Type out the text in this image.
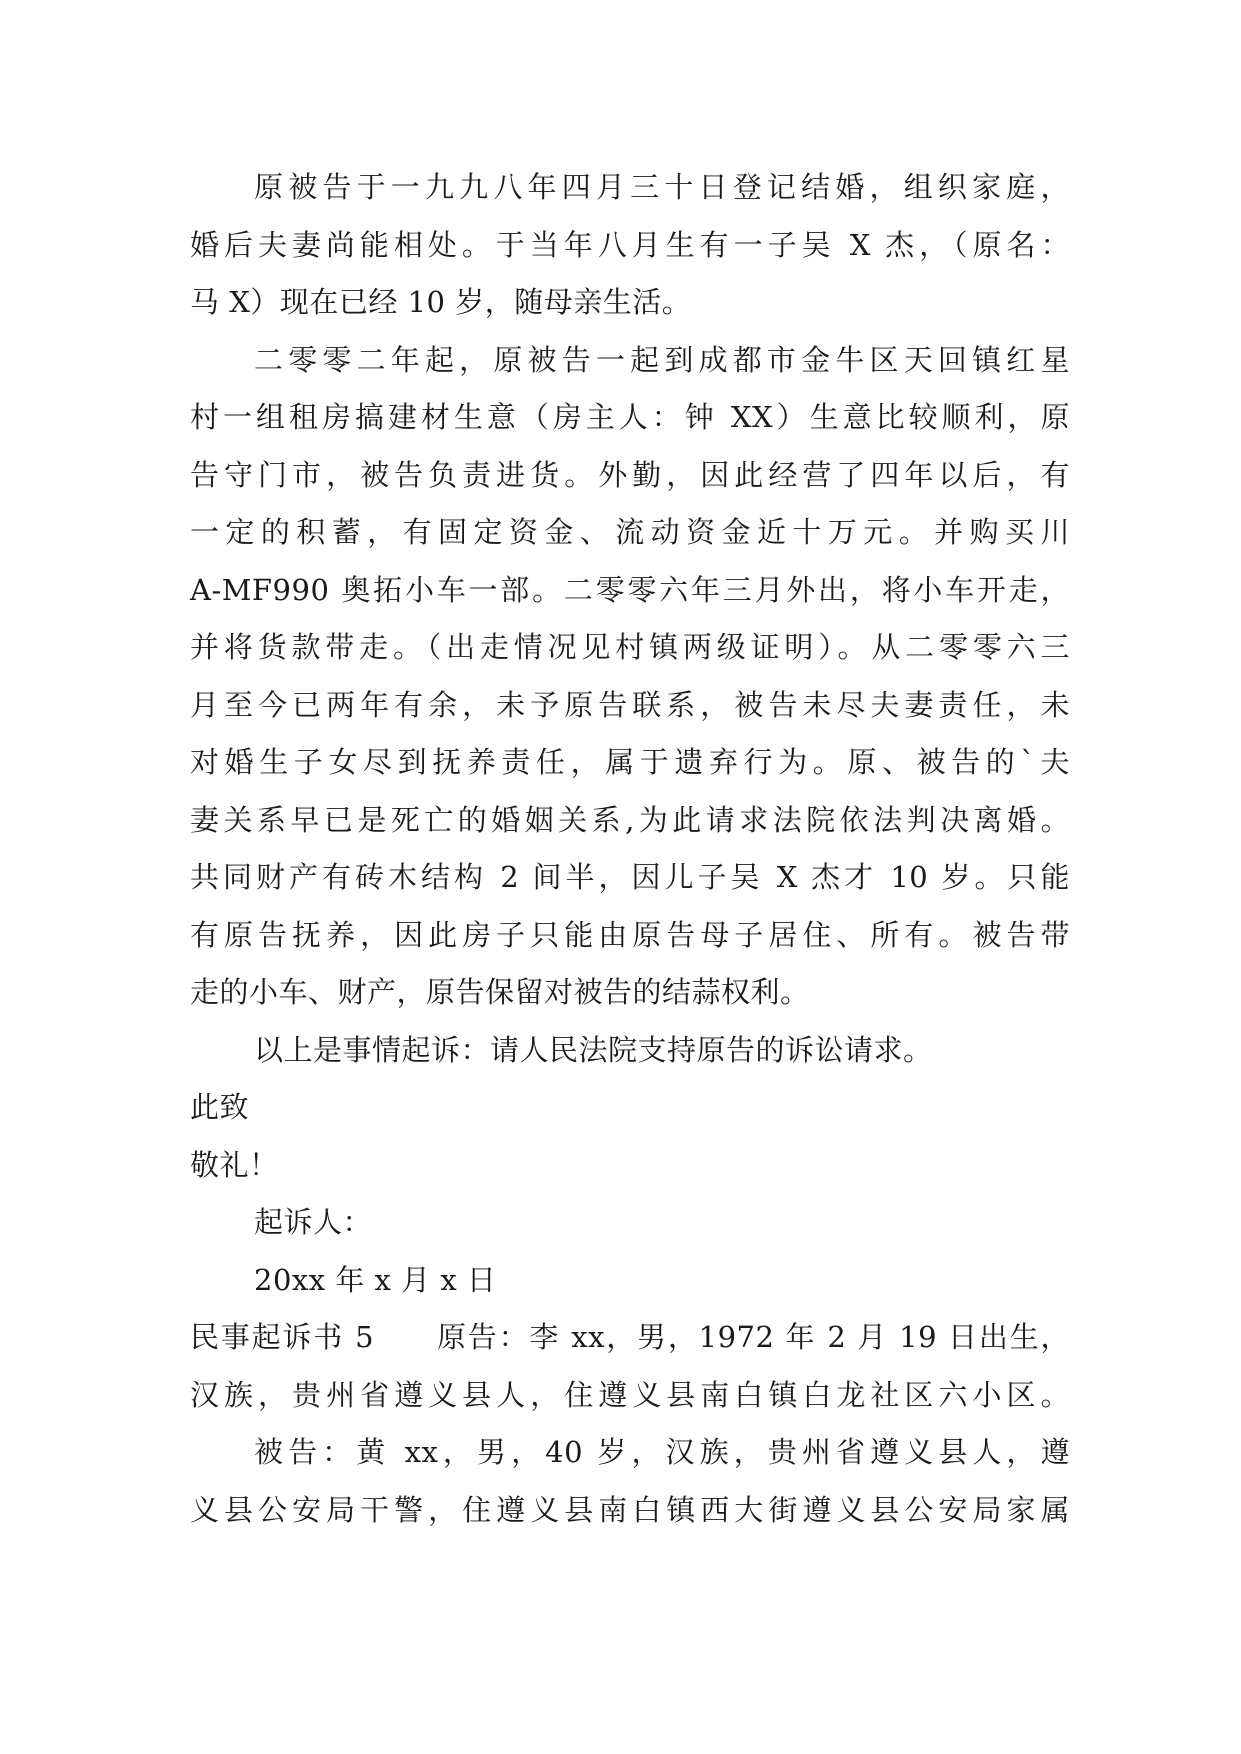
原被告于一九九八年四月三十日登记结婚，组织家庭，
婚后夫妻尚能相处。于当年八月生有一子吴 X 杰，（原名：
马 X）现在已经 10 岁，随母亲生活。
二零零二年起，原被告一起到成都市金牛区天回镇红星
村一组租房搞建材生意（房主人：钟 XX）生意比较顺利，原
告守门市，被告负责进货。外勤，因此经营了四年以后，有
一定的积蓄，有固定资金、流动资金近十万元。并购买川
A-MF990 奥拓小车一部。二零零六年三月外出，将小车开走，
并将货款带走。（出走情况见村镇两级证明）。从二零零六三
月至今已两年有余，未予原告联系，被告未尽夫妻责任，未
对婚生子女尽到抚养责任，属于遗弃行为。原、被告的`夫
妻关系早已是死亡的婚姻关系,为此请求法院依法判决离婚。
共同财产有砖木结构 2 间半，因儿子吴 X 杰才 10 岁。只能
有原告抚养，因此房子只能由原告母子居住、所有。被告带
走的小车、财产，原告保留对被告的结蒜权利。
以上是事情起诉：请人民法院支持原告的诉讼请求。
此致
敬礼！
起诉人：
20xx 年 x 月 x 日
民事起诉书 5　　原告：李 xx，男，1972 年 2 月 19 日出生，
汉族，贵州省遵义县人，住遵义县南白镇白龙社区六小区。
被告：黄 xx，男，40 岁，汉族，贵州省遵义县人，遵
义县公安局干警，住遵义县南白镇西大街遵义县公安局家属
